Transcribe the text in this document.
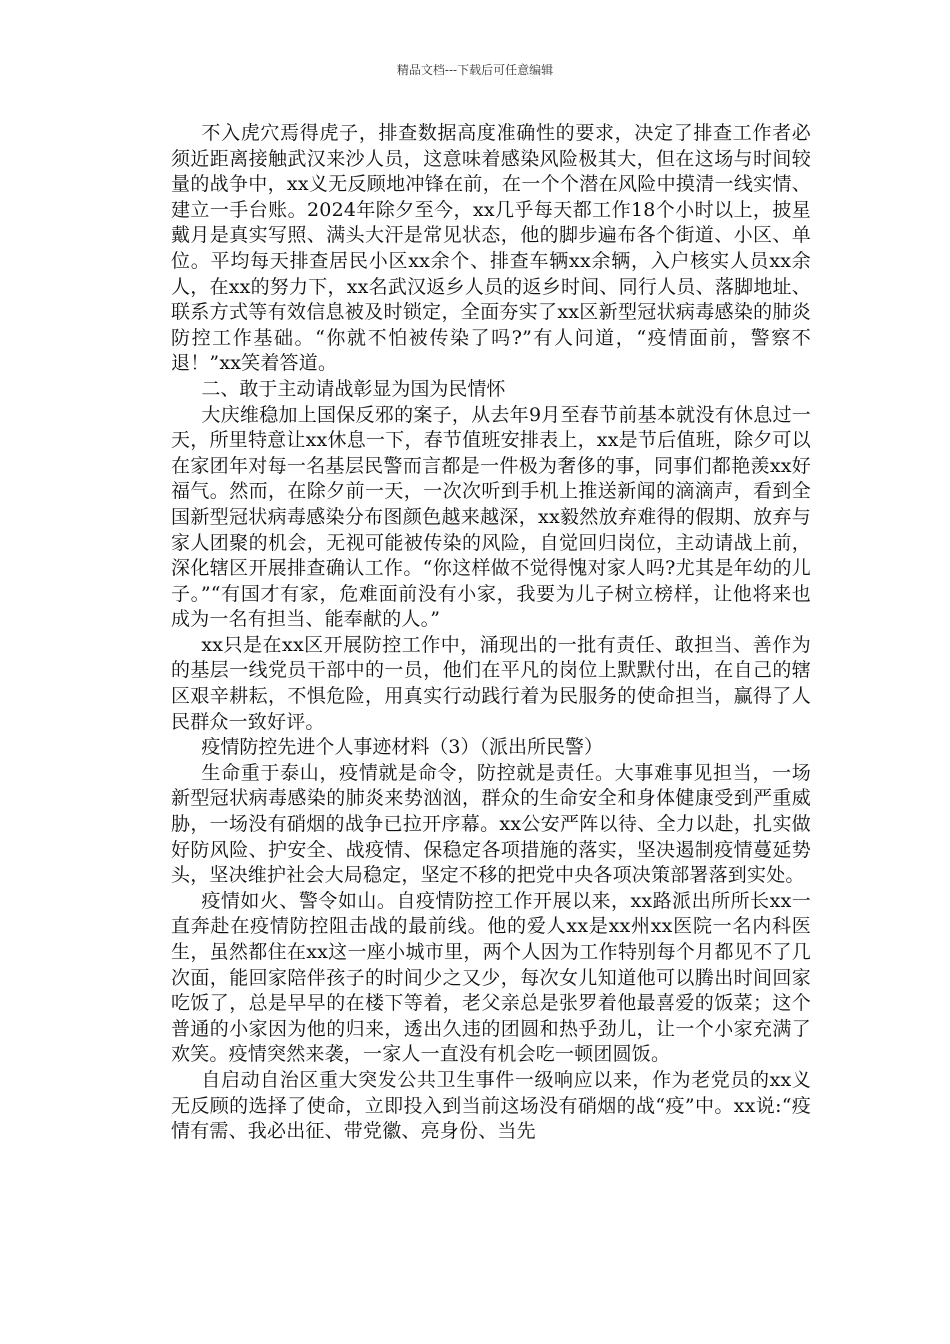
精品文档---下载后可任意编辑

不入虎穴焉得虎子，排查数据高度准确性的要求，决定了排查工作者必须近距离接触武汉来沙人员，这意味着感染风险极其大，但在这场与时间较量的战争中，xx义无反顾地冲锋在前，在一个个潜在风险中摸清一线实情、建立一手台账。2024年除夕至今，xx几乎每天都工作18个小时以上，披星戴月是真实写照、满头大汗是常见状态，他的脚步遍布各个街道、小区、单位。平均每天排查居民小区xx余个、排查车辆xx余辆，入户核实人员xx余人，在xx的努力下，xx名武汉返乡人员的返乡时间、同行人员、落脚地址、联系方式等有效信息被及时锁定，全面夯实了xx区新型冠状病毒感染的肺炎防控工作基础。“你就不怕被传染了吗?”有人问道，“疫情面前，警察不退！”xx笑着答道。

二、敢于主动请战彰显为国为民情怀

大庆维稳加上国保反邪的案子，从去年9月至春节前基本就没有休息过一天，所里特意让xx休息一下，春节值班安排表上，xx是节后值班，除夕可以在家团年对每一名基层民警而言都是一件极为奢侈的事，同事们都艳羡xx好福气。然而，在除夕前一天，一次次听到手机上推送新闻的滴滴声，看到全国新型冠状病毒感染分布图颜色越来越深，xx毅然放弃难得的假期、放弃与家人团聚的机会，无视可能被传染的风险，自觉回归岗位，主动请战上前，深化辖区开展排查确认工作。“你这样做不觉得愧对家人吗?尤其是年幼的儿子。”“有国才有家，危难面前没有小家，我要为儿子树立榜样，让他将来也成为一名有担当、能奉献的人。”

xx只是在xx区开展防控工作中，涌现出的一批有责任、敢担当、善作为的基层一线党员干部中的一员，他们在平凡的岗位上默默付出，在自己的辖区艰辛耕耘，不惧危险，用真实行动践行着为民服务的使命担当，赢得了人民群众一致好评。

疫情防控先进个人事迹材料（3）（派出所民警）

生命重于泰山，疫情就是命令，防控就是责任。大事难事见担当，一场新型冠状病毒感染的肺炎来势汹汹，群众的生命安全和身体健康受到严重威胁，一场没有硝烟的战争已拉开序幕。xx公安严阵以待、全力以赴，扎实做好防风险、护安全、战疫情、保稳定各项措施的落实，坚决遏制疫情蔓延势头，坚决维护社会大局稳定，坚定不移的把党中央各项决策部署落到实处。

疫情如火、警令如山。自疫情防控工作开展以来，xx路派出所所长xx一直奔赴在疫情防控阻击战的最前线。他的爱人xx是xx州xx医院一名内科医生，虽然都住在xx这一座小城市里，两个人因为工作特别每个月都见不了几次面，能回家陪伴孩子的时间少之又少，每次女儿知道他可以腾出时间回家吃饭了，总是早早的在楼下等着，老父亲总是张罗着他最喜爱的饭菜；这个普通的小家因为他的归来，透出久违的团圆和热乎劲儿，让一个小家充满了欢笑。疫情突然来袭，一家人一直没有机会吃一顿团圆饭。

自启动自治区重大突发公共卫生事件一级响应以来，作为老党员的xx义无反顾的选择了使命，立即投入到当前这场没有硝烟的战“疫”中。xx说:“疫情有需、我必出征、带党徽、亮身份、当先
